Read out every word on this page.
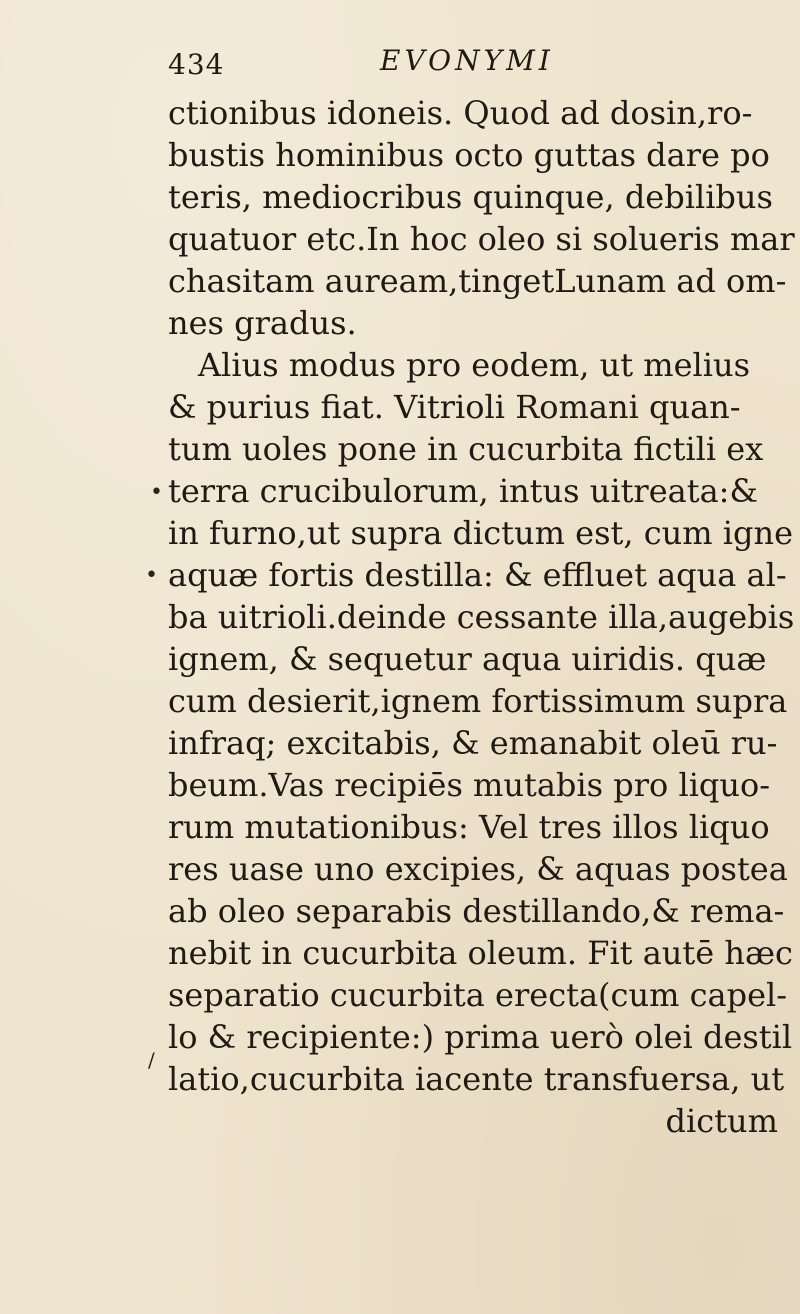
434	EVONYMI
ctionibus idoneis. Quod ad dosin,ro-
bustis hominibus octo guttas dare po
teris, mediocribus quinque, debilibus
quatuor etc.In hoc oleo si solueris mar
chasitam auream,tingetLunam ad om-
nes gradus.
Alius modus pro eodem, ut melius
& purius fiat. Vitrioli Romani quan-
tum uoles pone in cucurbita fictili ex
terra crucibulorum, intus uitreata:&
in furno,ut supra dictum est, cum igne
aquæ fortis destilla: & effluet aqua al-
ba uitrioli.deinde cessante illa,augebis
ignem, & sequetur aqua uiridis. quæ
cum desierit,ignem fortissimum supra
infraq; excitabis, & emanabit oleū ru-
beum.Vas recipiēs mutabis pro liquo-
rum mutationibus: Vel tres illos liquo
res uase uno excipies, & aquas postea
ab oleo separabis destillando,& rema-
nebit in cucurbita oleum. Fit autē hæc
separatio cucurbita erecta(cum capel-
lo & recipiente:) prima uerò olei destil
latio,cucurbita iacente transfuersa, ut
dictum
•
•
/
